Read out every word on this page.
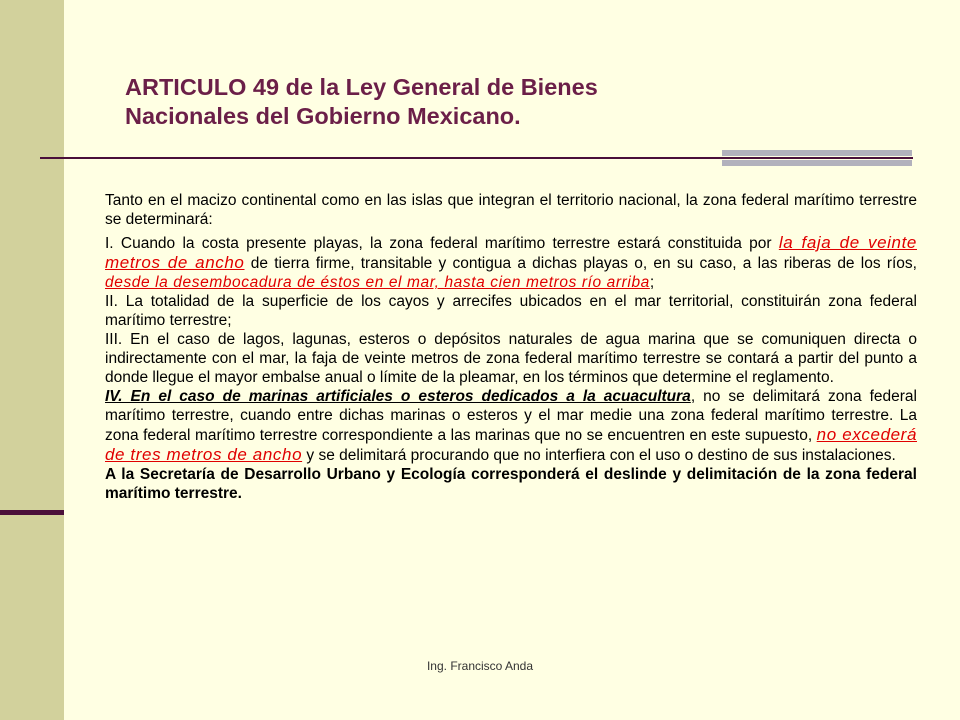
ARTICULO 49 de la Ley General de Bienes
Nacionales del Gobierno Mexicano.

Tanto en el macizo continental como en las islas que integran el territorio nacional, la zona federal marítimo terrestre se determinará:

I. Cuando la costa presente playas, la zona federal marítimo terrestre estará constituida por la faja de veinte metros de ancho de tierra firme, transitable y contigua a dichas playas o, en su caso, a las riberas de los ríos, desde la desembocadura de éstos en el mar, hasta cien metros río arriba;

II. La totalidad de la superficie de los cayos y arrecifes ubicados en el mar territorial, constituirán zona federal marítimo terrestre;

III. En el caso de lagos, lagunas, esteros o depósitos naturales de agua marina que se comuniquen directa o indirectamente con el mar, la faja de veinte metros de zona federal marítimo terrestre se contará a partir del punto a donde llegue el mayor embalse anual o límite de la pleamar, en los términos que determine el reglamento.

IV. En el caso de marinas artificiales o esteros dedicados a la acuacultura, no se delimitará zona federal marítimo terrestre, cuando entre dichas marinas o esteros y el mar medie una zona federal marítimo terrestre. La zona federal marítimo terrestre correspondiente a las marinas que no se encuentren en este supuesto, no excederá de tres metros de ancho y se delimitará procurando que no interfiera con el uso o destino de sus instalaciones.

A la Secretaría de Desarrollo Urbano y Ecología corresponderá el deslinde y delimitación de la zona federal marítimo terrestre.

Ing. Francisco Anda
